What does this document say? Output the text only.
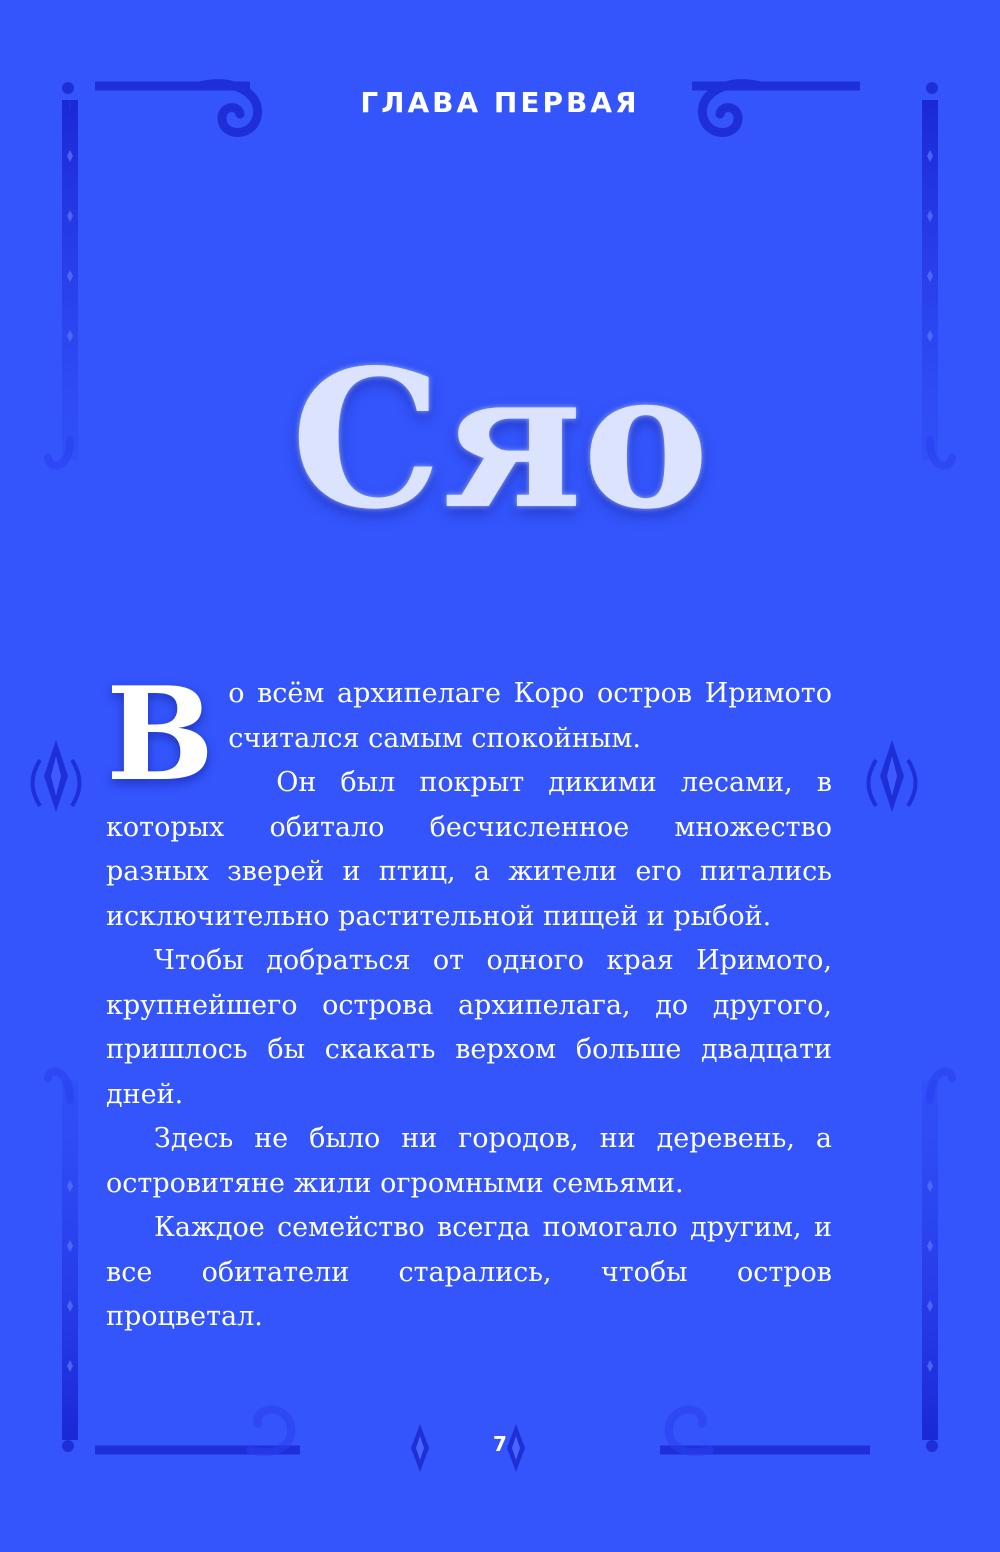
ГЛАВА ПЕРВАЯ
Сяо

Во всём архипелаге Коро остров Иримото считался самым спокойным.

Он был покрыт дикими лесами, в которых обитало бесчисленное множество разных зверей и птиц, а жители его питались исключительно растительной пищей и рыбой.

Чтобы добраться от одного края Иримото, крупнейшего острова архипелага, до другого, пришлось бы скакать верхом больше двадцати дней.

Здесь не было ни городов, ни деревень, а островитяне жили огромными семьями.

Каждое семейство всегда помогало другим, и все обитатели старались, чтобы остров процветал.

7
